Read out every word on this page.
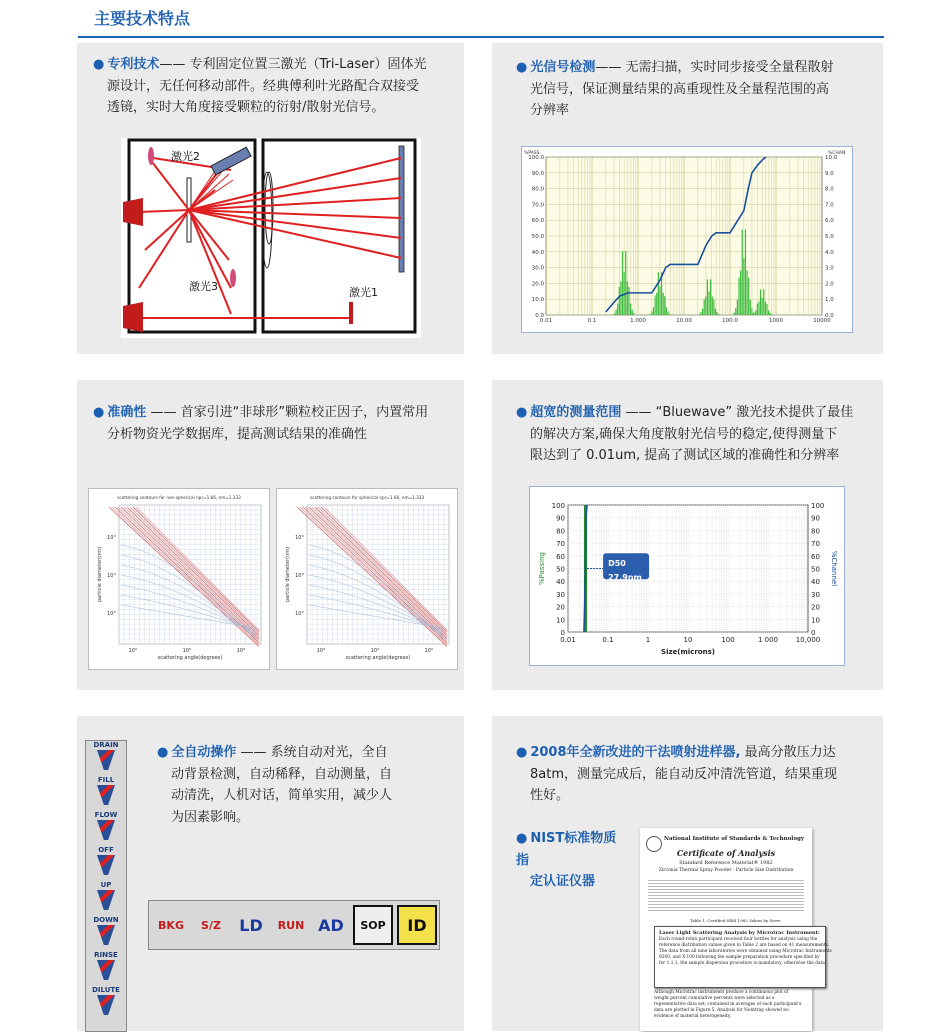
主要技术特点
● 专利技术—— 专利固定位置三激光（Tri-Laser）固体光
源设计，无任何移动部件。经典傅利叶光路配合双接受
透镜，实时大角度接受颗粒的衍射/散射光信号。
激光2
激光3	激光1
● 光信号检测—— 无需扫描，实时同步接受全量程散射
光信号，保证测量结果的高重现性及全量程范围的高
分辨率
0.0
10.0
20.0
30.0
40.0
50.0
60.0
70.0
80.0
90.0
100.0
0.0
1.0
2.0
3.0
4.0
5.0
6.0
7.0
8.0
9.0
10.0
0.01	0.1	1.000	10.00	100.0	1000	10000
%PASS	%CHAN
● 准确性 —— 首家引进“非球形”颗粒校正因子，内置常用
分析物资光学数据库，提高测试结果的准确性
scattering contours for non-spherical npr=1.66, nm=1.333
10°	10°	10°
10°
10°
10°
scattering angle(degrees)
particle diameter(nm)
scattering contours for spherical npr=1.66, nm=1.333
10°	10°	10°
10°
10°
10°
scattering angle(degrees)
particle diameter(nm)
● 超宽的测量范围 —— “Bluewave” 激光技术提供了最佳
的解决方案,确保大角度散射光信号的稳定,使得测量下
限达到了 0.01um, 提高了测试区域的准确性和分辨率
0
10
20
30
40
50
60
70
80
90
100
0
10
20
30
40
50
60
70
80
90
100
0.01	0.1	1	10	100	1 000	10,000
Size(microns)
%Passing	%Channel
D50
27.9nm
DRAIN
FILL
FLOW
OFF
UP
DOWN
RINSE
DILUTE
● 全自动操作 —— 系统自动对光，全自
动背景检测，自动稀释，自动测量，自
动清洗，人机对话，简单实用，减少人
为因素影响。
BKG	S/Z	LD	RUN AD	SOP	ID
● 2008年全新改进的干法喷射进样器, 最高分散压力达
8atm，测量完成后，能自动反冲清洗管道，结果重现
性好。
● NIST标准物质指
定认证仪器
National Institute of Standards & Technology
Certificate of Analysis
Standard Reference Material® 1982
Zirconia Thermal Spray Powder - Particle Size Distribution
Table 1. Certified SRM 1982 Values by Sieve
Laser Light Scattering Analysis by Microtrac Instrument:
Each round-robin participant received four bottles for analysis using the
reference distribution values given in Table 2 are based on 41 measurements.
The data from all nine laboratories were obtained using Microtrac Instruments
9200, and X-100 following the sample preparation procedure specified by
for 1.1.1, the sample dispersion procedure is mandatory, otherwise the data
Although Microtrac instruments produce a continuous plot of weight percent cumulative percents were selected as a representative data set, contained in averages of each participant's data are plotted in Figure 5. Analysis for Nonttrap showed no evidence of material heterogeneity.
